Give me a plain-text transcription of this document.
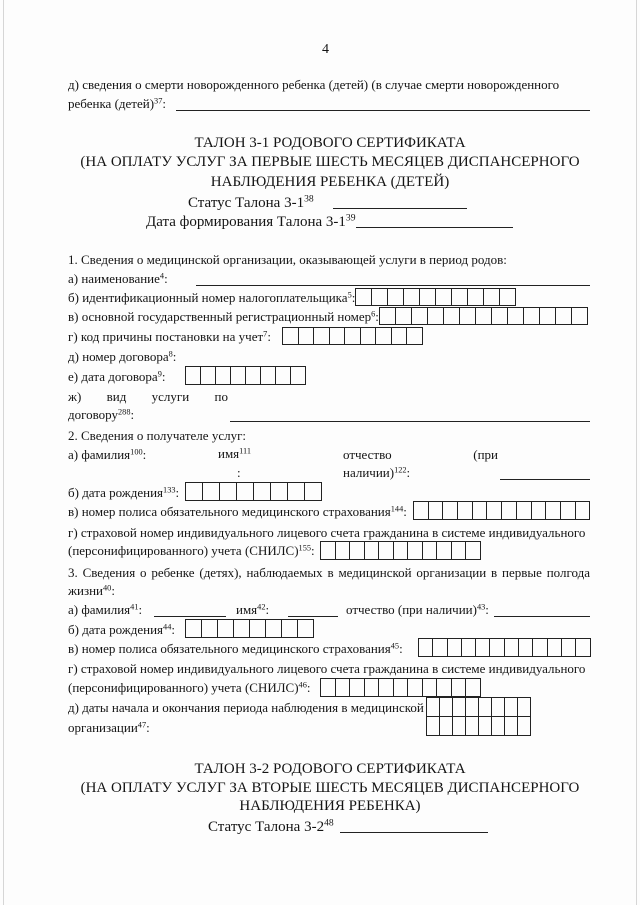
4
д) сведения о смерти новорожденного ребенка (детей) (в случае смерти новорожденного
ребенка (детей)$^{37}$:
ТАЛОН 3-1 РОДОВОГО СЕРТИФИКАТА
(НА ОПЛАТУ УСЛУГ ЗА ПЕРВЫЕ ШЕСТЬ МЕСЯЦЕВ ДИСПАНСЕРНОГО
НАБЛЮДЕНИЯ РЕБЕНКА (ДЕТЕЙ)
Статус Талона $3-1^{38}$
Дата формирования Талона $3-1^{39}$
1. Сведения о медицинской организации, оказывающей услуги в период родов:
а) наименование$^4$:
б) идентификационный номер налогоплательщика$^5$:
в) основной государственный регистрационный номер$^6$:
г) код причины постановки на учет$^7$:
д) номер договора$^8$:
е) дата договора$^9$:
ж) вид услуги по
договору$^{288}$:
2. Сведения о получателе услуг:
а) фамилия$^{100}$:	имя$^{111}$	отчество (при
:	наличии)$^{122}$:
б) дата рождения$^{133}$:
в) номер полиса обязательного медицинского страхования$^{144}$:
г) страховой номер индивидуального лицевого счета гражданина в системе индивидуального
(персонифицированного) учета (СНИЛС)$^{155}$:
3. Сведения о ребенке (детях), наблюдаемых в медицинской организации в первые полгода
жизни$^{40}$:
а) фамилия$^{41}$:	имя$^{42}$:	отчество (при наличии)$^{43}$:
б) дата рождения$^{44}$:
в) номер полиса обязательного медицинского страхования$^{45}$:
г) страховой номер индивидуального лицевого счета гражданина в системе индивидуального
(персонифицированного) учета (СНИЛС)$^{46}$:
д) даты начала и окончания периода наблюдения в медицинской
организации$^{47}$:
ТАЛОН 3-2 РОДОВОГО СЕРТИФИКАТА
(НА ОПЛАТУ УСЛУГ ЗА ВТОРЫЕ ШЕСТЬ МЕСЯЦЕВ ДИСПАНСЕРНОГО
НАБЛЮДЕНИЯ РЕБЕНКА)
Статус Талона $3-2^{48}$
